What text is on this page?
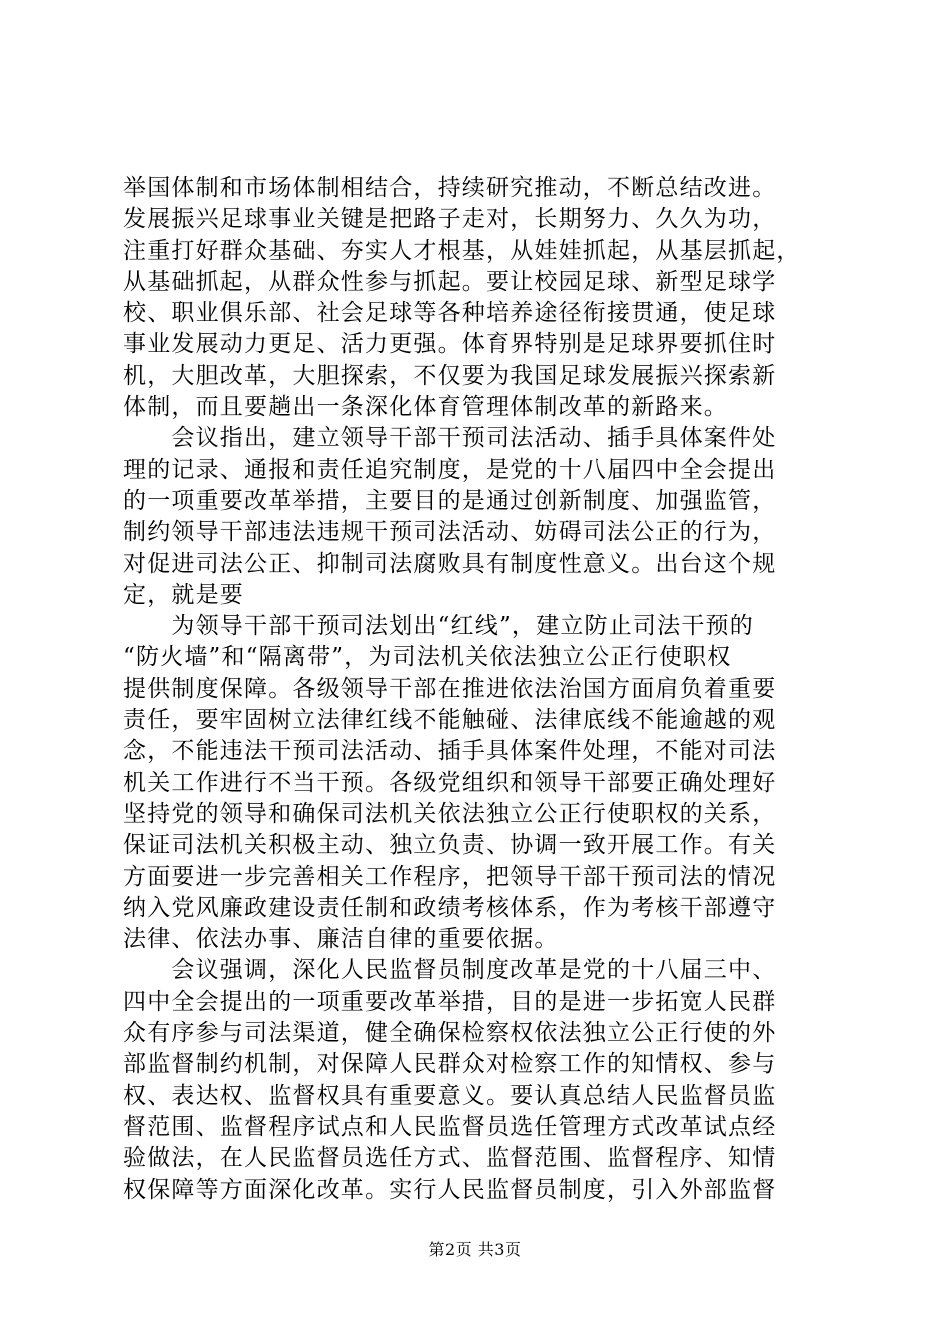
举国体制和市场体制相结合，持续研究推动，不断总结改进。
发展振兴足球事业关键是把路子走对，长期努力、久久为功，
注重打好群众基础、夯实人才根基，从娃娃抓起，从基层抓起，
从基础抓起，从群众性参与抓起。要让校园足球、新型足球学
校、职业俱乐部、社会足球等各种培养途径衔接贯通，使足球
事业发展动力更足、活力更强。体育界特别是足球界要抓住时
机，大胆改革，大胆探索，不仅要为我国足球发展振兴探索新
体制，而且要趟出一条深化体育管理体制改革的新路来。
　　会议指出，建立领导干部干预司法活动、插手具体案件处
理的记录、通报和责任追究制度，是党的十八届四中全会提出
的一项重要改革举措，主要目的是通过创新制度、加强监管，
制约领导干部违法违规干预司法活动、妨碍司法公正的行为，
对促进司法公正、抑制司法腐败具有制度性意义。出台这个规
定，就是要
　　为领导干部干预司法划出“红线”，建立防止司法干预的
“防火墙”和“隔离带”，为司法机关依法独立公正行使职权
提供制度保障。各级领导干部在推进依法治国方面肩负着重要
责任，要牢固树立法律红线不能触碰、法律底线不能逾越的观
念，不能违法干预司法活动、插手具体案件处理，不能对司法
机关工作进行不当干预。各级党组织和领导干部要正确处理好
坚持党的领导和确保司法机关依法独立公正行使职权的关系，
保证司法机关积极主动、独立负责、协调一致开展工作。有关
方面要进一步完善相关工作程序，把领导干部干预司法的情况
纳入党风廉政建设责任制和政绩考核体系，作为考核干部遵守
法律、依法办事、廉洁自律的重要依据。
　　会议强调，深化人民监督员制度改革是党的十八届三中、
四中全会提出的一项重要改革举措，目的是进一步拓宽人民群
众有序参与司法渠道，健全确保检察权依法独立公正行使的外
部监督制约机制，对保障人民群众对检察工作的知情权、参与
权、表达权、监督权具有重要意义。要认真总结人民监督员监
督范围、监督程序试点和人民监督员选任管理方式改革试点经
验做法，在人民监督员选任方式、监督范围、监督程序、知情
权保障等方面深化改革。实行人民监督员制度，引入外部监督
第2页 共3页
